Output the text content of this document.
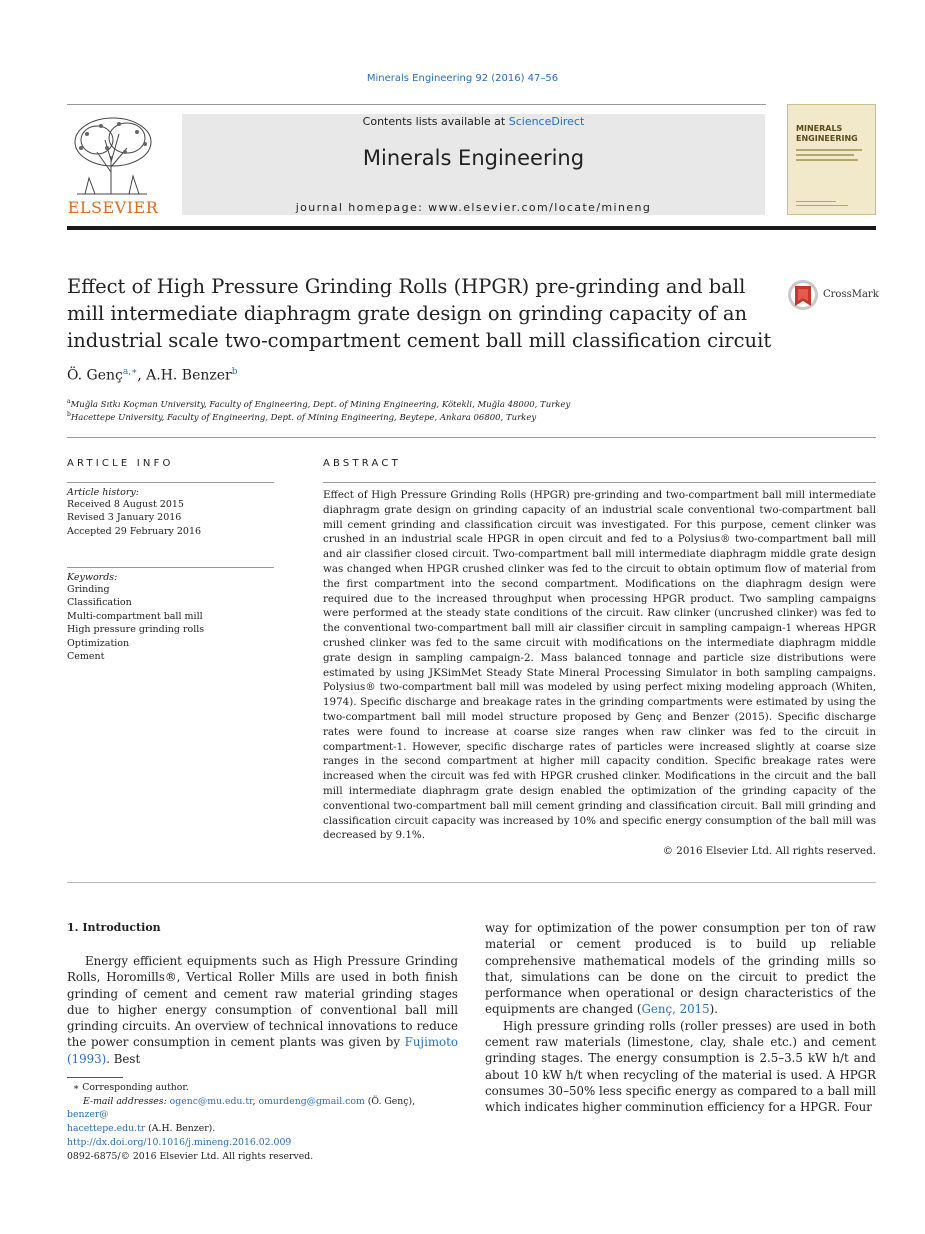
Minerals Engineering 92 (2016) 47–56
ELSEVIER
Contents lists available at ScienceDirect
Minerals Engineering
journal homepage: www.elsevier.com/locate/mineng
MINERALS
ENGINEERING
Effect of High Pressure Grinding Rolls (HPGR) pre-grinding and ball mill intermediate diaphragm grate design on grinding capacity of an industrial scale two-compartment cement ball mill classification circuit
CrossMark
Ö. Genç$^{a,∗}$, A.H. Benzer$^b$
$^a$Muğla Sıtkı Koçman University, Faculty of Engineering, Dept. of Mining Engineering, Kötekli, Muğla 48000, Turkey
$^b$Hacettepe University, Faculty of Engineering, Dept. of Mining Engineering, Beytepe, Ankara 06800, Turkey
ARTICLE INFO
Article history:
Received 8 August 2015
Revised 3 January 2016
Accepted 29 February 2016
Keywords:
Grinding
Classification
Multi-compartment ball mill
High pressure grinding rolls
Optimization
Cement
ABSTRACT
Effect of High Pressure Grinding Rolls (HPGR) pre-grinding and two-compartment ball mill intermediate diaphragm grate design on grinding capacity of an industrial scale conventional two-compartment ball mill cement grinding and classification circuit was investigated. For this purpose, cement clinker was crushed in an industrial scale HPGR in open circuit and fed to a Polysius® two-compartment ball mill and air classifier closed circuit. Two-compartment ball mill intermediate diaphragm middle grate design was changed when HPGR crushed clinker was fed to the circuit to obtain optimum flow of material from the first compartment into the second compartment. Modifications on the diaphragm design were required due to the increased throughput when processing HPGR product. Two sampling campaigns were performed at the steady state conditions of the circuit. Raw clinker (uncrushed clinker) was fed to the conventional two-compartment ball mill air classifier circuit in sampling campaign-1 whereas HPGR crushed clinker was fed to the same circuit with modifications on the intermediate diaphragm middle grate design in sampling campaign-2. Mass balanced tonnage and particle size distributions were estimated by using JKSimMet Steady State Mineral Processing Simulator in both sampling campaigns. Polysius® two-compartment ball mill was modeled by using perfect mixing modeling approach (Whiten, 1974). Specific discharge and breakage rates in the grinding compartments were estimated by using the two-compartment ball mill model structure proposed by Genç and Benzer (2015). Specific discharge rates were found to increase at coarse size ranges when raw clinker was fed to the circuit in compartment-1. However, specific discharge rates of particles were increased slightly at coarse size ranges in the second compartment at higher mill capacity condition. Specific breakage rates were increased when the circuit was fed with HPGR crushed clinker. Modifications in the circuit and the ball mill intermediate diaphragm grate design enabled the optimization of the grinding capacity of the conventional two-compartment ball mill cement grinding and classification circuit. Ball mill grinding and classification circuit capacity was increased by 10% and specific energy consumption of the ball mill was decreased by 9.1%.
© 2016 Elsevier Ltd. All rights reserved.
1. Introduction
Energy efficient equipments such as High Pressure Grinding Rolls, Horomills®, Vertical Roller Mills are used in both finish grinding of cement and cement raw material grinding stages due to higher energy consumption of conventional ball mill grinding circuits. An overview of technical innovations to reduce the power consumption in cement plants was given by Fujimoto (1993). Best
way for optimization of the power consumption per ton of raw material or cement produced is to build up reliable comprehensive mathematical models of the grinding mills so that, simulations can be done on the circuit to predict the performance when operational or design characteristics of the equipments are changed (Genç, 2015).
High pressure grinding rolls (roller presses) are used in both cement raw materials (limestone, clay, shale etc.) and cement grinding stages. The energy consumption is 2.5–3.5 kW h/t and about 10 kW h/t when recycling of the material is used. A HPGR consumes 30–50% less specific energy as compared to a ball mill which indicates higher comminution efficiency for a HPGR. Four
∗ Corresponding author.
E-mail addresses: ogenc@mu.edu.tr, omurdeng@gmail.com (Ö. Genç), benzer@
hacettepe.edu.tr (A.H. Benzer).
http://dx.doi.org/10.1016/j.mineng.2016.02.009
0892-6875/© 2016 Elsevier Ltd. All rights reserved.
